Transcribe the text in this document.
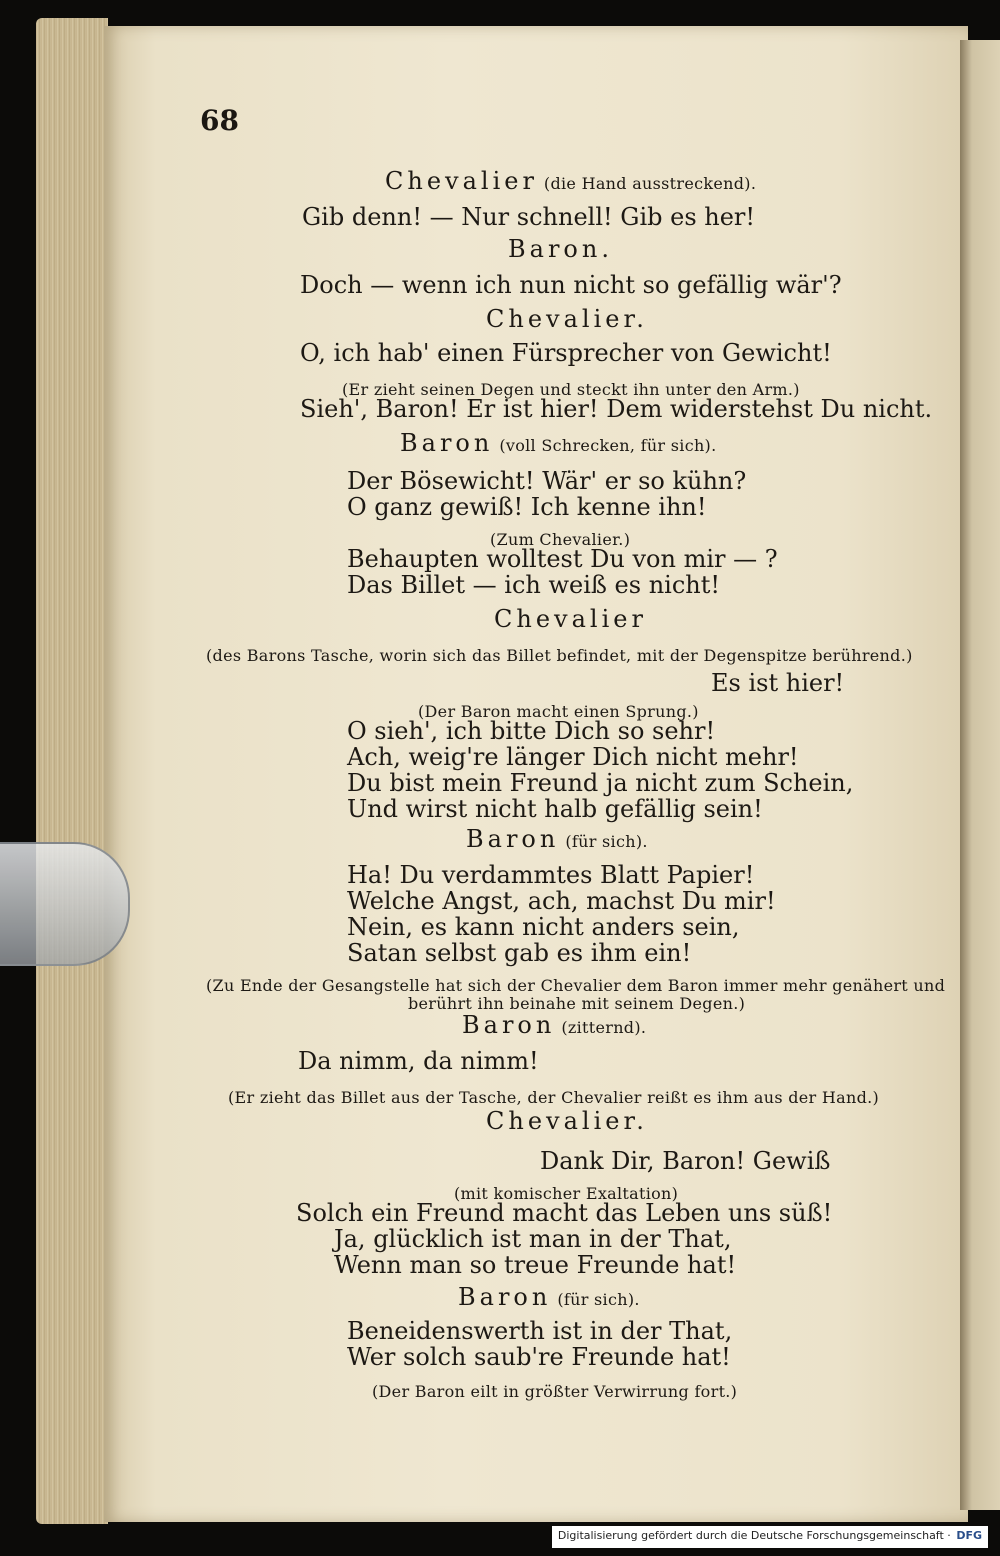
68
Chevalier (die Hand ausstreckend).
Gib denn! — Nur schnell! Gib es her!
Baron.
Doch — wenn ich nun nicht so gefällig wär'?
Chevalier.
O, ich hab' einen Fürsprecher von Gewicht!
(Er zieht seinen Degen und steckt ihn unter den Arm.)
Sieh', Baron! Er ist hier! Dem widerstehst Du nicht.
Baron (voll Schrecken, für sich).
Der Bösewicht! Wär' er so kühn?
O ganz gewiß! Ich kenne ihn!
(Zum Chevalier.)
Behaupten wolltest Du von mir — ?
Das Billet — ich weiß es nicht!
Chevalier
(des Barons Tasche, worin sich das Billet befindet, mit der Degenspitze berührend.)
Es ist hier!
(Der Baron macht einen Sprung.)
O sieh', ich bitte Dich so sehr!
Ach, weig're länger Dich nicht mehr!
Du bist mein Freund ja nicht zum Schein,
Und wirst nicht halb gefällig sein!
Baron (für sich).
Ha! Du verdammtes Blatt Papier!
Welche Angst, ach, machst Du mir!
Nein, es kann nicht anders sein,
Satan selbst gab es ihm ein!
(Zu Ende der Gesangstelle hat sich der Chevalier dem Baron immer mehr genähert und
berührt ihn beinahe mit seinem Degen.)
Baron (zitternd).
Da nimm, da nimm!
(Er zieht das Billet aus der Tasche, der Chevalier reißt es ihm aus der Hand.)
Chevalier.
Dank Dir, Baron! Gewiß
(mit komischer Exaltation)
Solch ein Freund macht das Leben uns süß!
Ja, glücklich ist man in der That,
Wenn man so treue Freunde hat!
Baron (für sich).
Beneidenswerth ist in der That,
Wer solch saub're Freunde hat!
(Der Baron eilt in größter Verwirrung fort.)
Digitalisierung gefördert durch die Deutsche Forschungsgemeinschaft · DFG
